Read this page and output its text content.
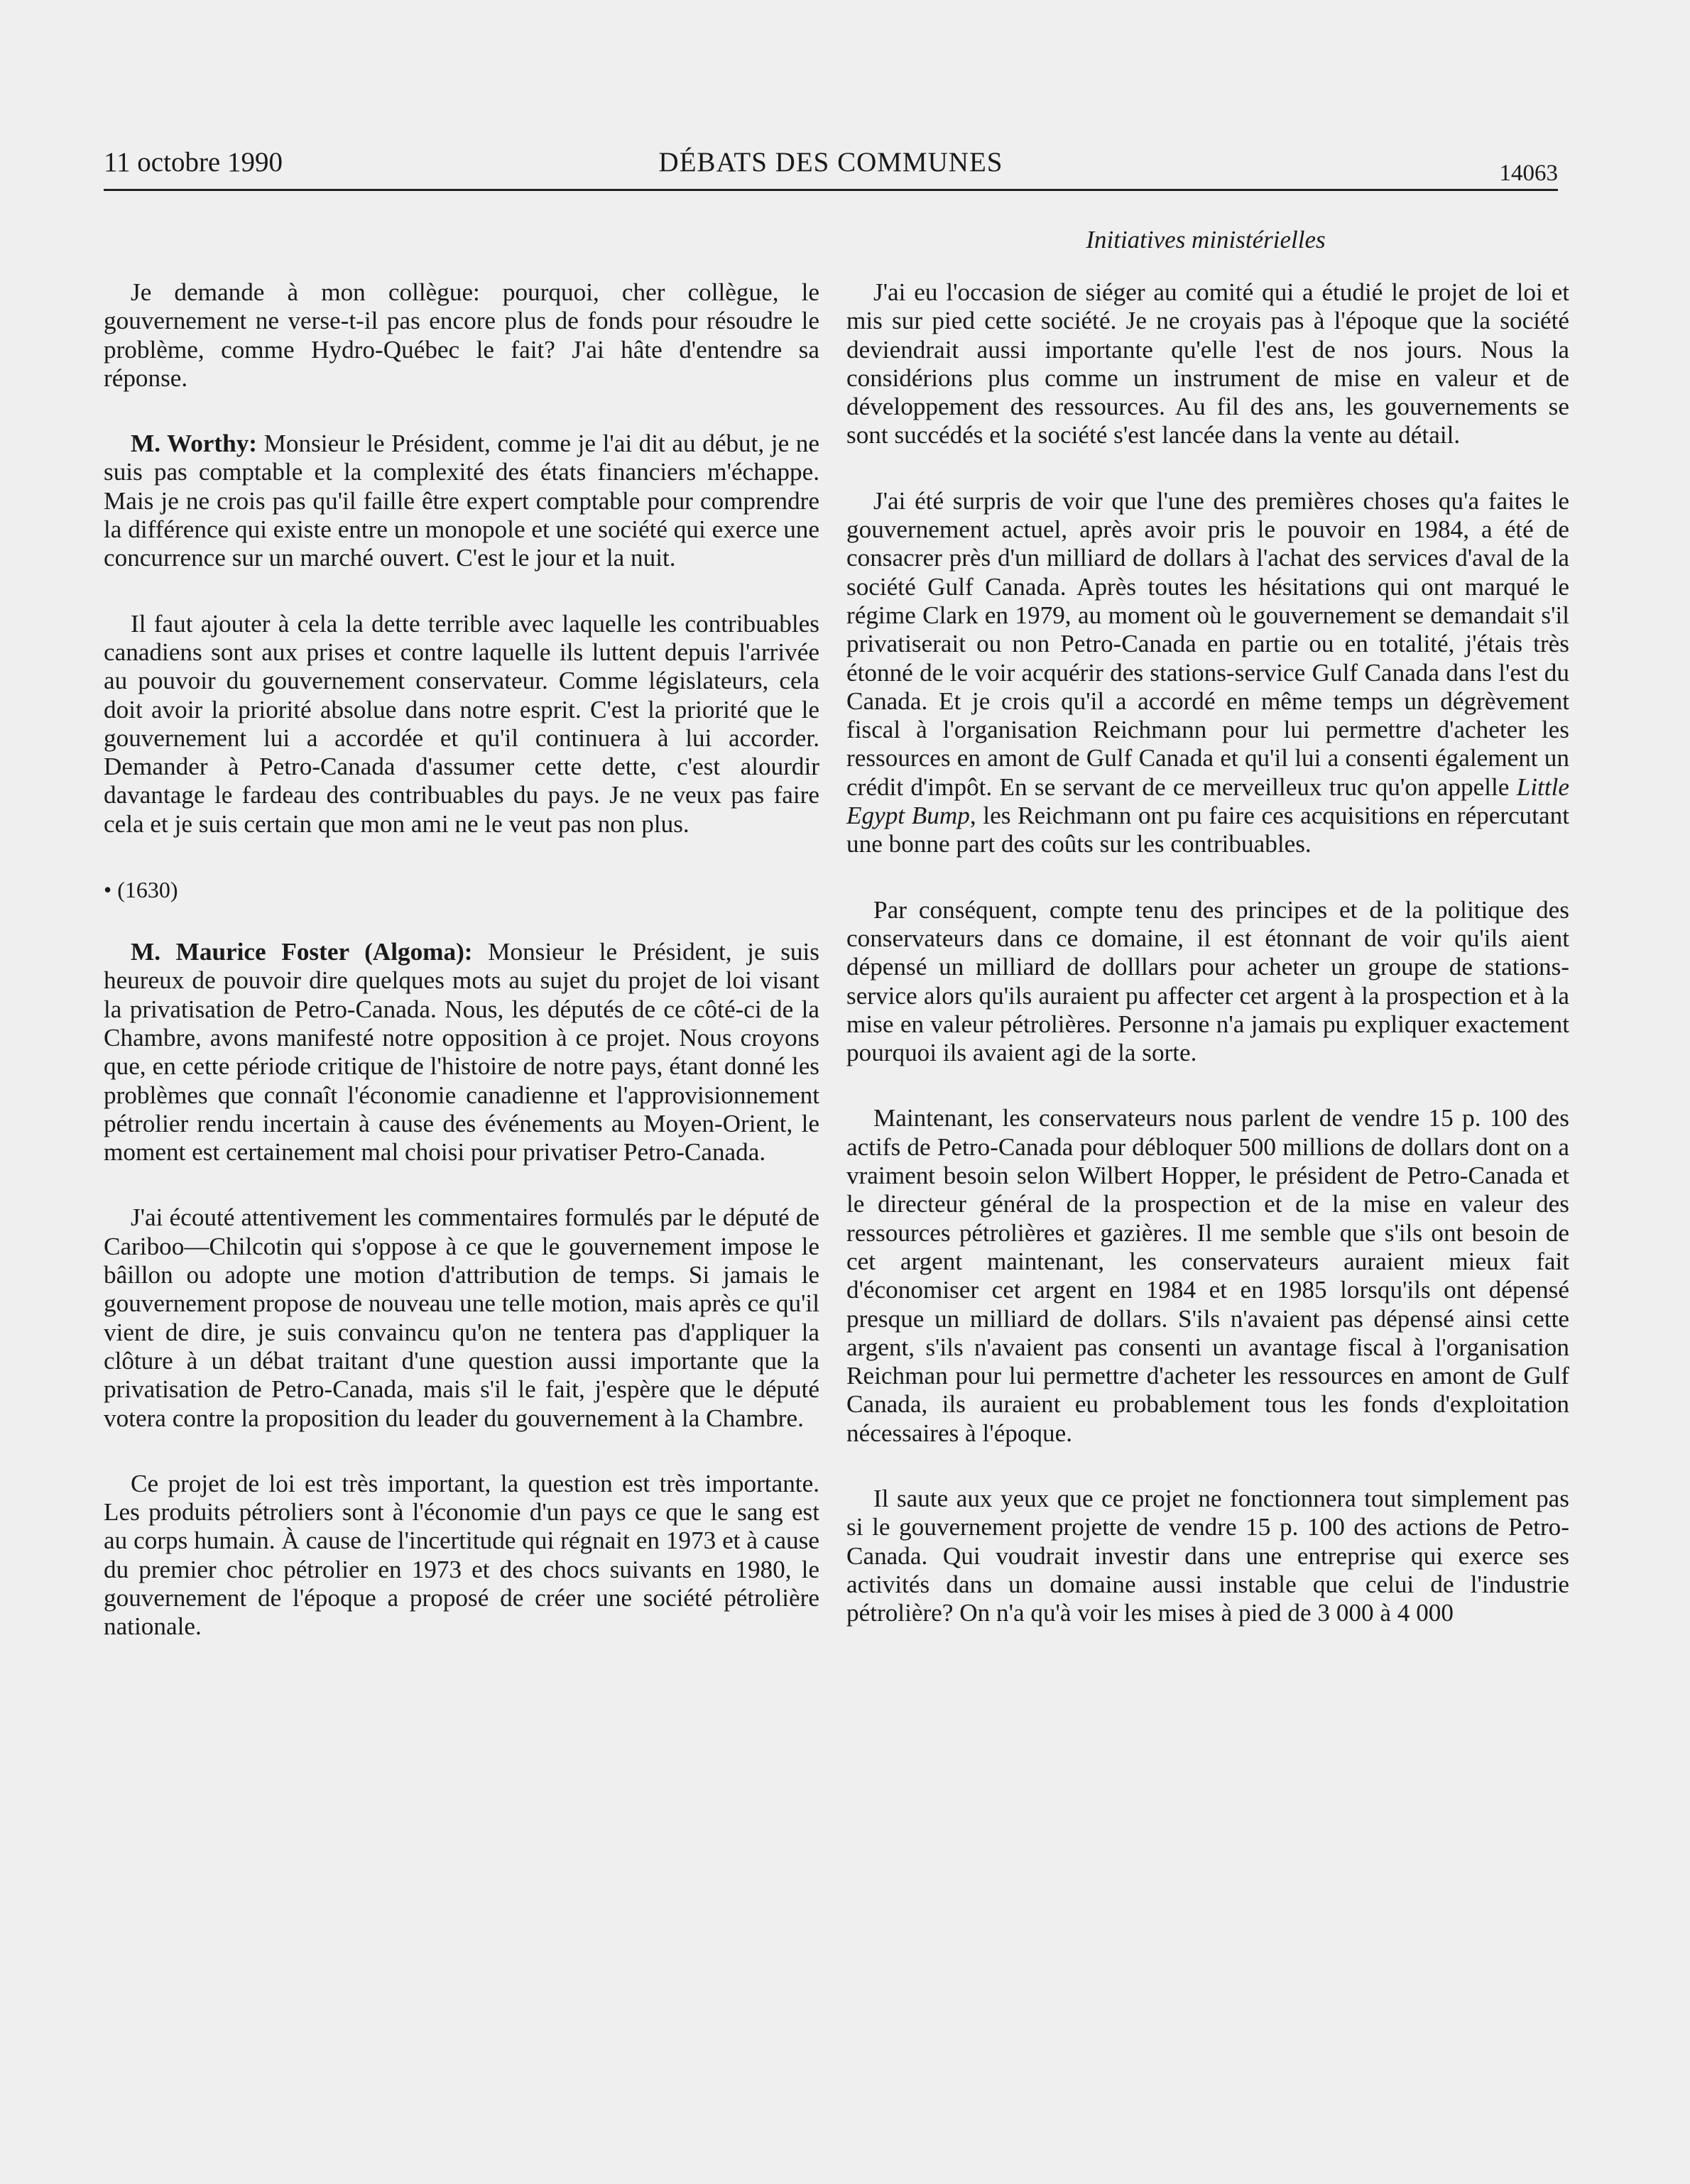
11 octobre 1990	DÉBATS DES COMMUNES	14063
Initiatives ministérielles

Je demande à mon collègue: pourquoi, cher collègue, le gouvernement ne verse-t-il pas encore plus de fonds pour résoudre le problème, comme Hydro-Québec le fait? J'ai hâte d'entendre sa réponse.

M. Worthy: Monsieur le Président, comme je l'ai dit au début, je ne suis pas comptable et la complexité des états financiers m'échappe. Mais je ne crois pas qu'il faille être expert comptable pour comprendre la différence qui existe entre un monopole et une société qui exerce une concurrence sur un marché ouvert. C'est le jour et la nuit.

Il faut ajouter à cela la dette terrible avec laquelle les contribuables canadiens sont aux prises et contre laquelle ils luttent depuis l'arrivée au pouvoir du gouvernement conservateur. Comme législateurs, cela doit avoir la priorité absolue dans notre esprit. C'est la priorité que le gouvernement lui a accordée et qu'il continuera à lui accorder. Demander à Petro-Canada d'assumer cette dette, c'est alourdir davantage le fardeau des contribuables du pays. Je ne veux pas faire cela et je suis certain que mon ami ne le veut pas non plus.

• (1630)

M. Maurice Foster (Algoma): Monsieur le Président, je suis heureux de pouvoir dire quelques mots au sujet du projet de loi visant la privatisation de Petro-Canada. Nous, les députés de ce côté-ci de la Chambre, avons manifesté notre opposition à ce projet. Nous croyons que, en cette période critique de l'histoire de notre pays, étant donné les problèmes que connaît l'économie canadienne et l'approvisionnement pétrolier rendu incertain à cause des événements au Moyen-Orient, le moment est certainement mal choisi pour privatiser Petro-Canada.

J'ai écouté attentivement les commentaires formulés par le député de Cariboo—Chilcotin qui s'oppose à ce que le gouvernement impose le bâillon ou adopte une motion d'attribution de temps. Si jamais le gouvernement propose de nouveau une telle motion, mais après ce qu'il vient de dire, je suis convaincu qu'on ne tentera pas d'appliquer la clôture à un débat traitant d'une question aussi importante que la privatisation de Petro-Canada, mais s'il le fait, j'espère que le député votera contre la proposition du leader du gouvernement à la Chambre.

Ce projet de loi est très important, la question est très importante. Les produits pétroliers sont à l'économie d'un pays ce que le sang est au corps humain. À cause de l'incertitude qui régnait en 1973 et à cause du premier choc pétrolier en 1973 et des chocs suivants en 1980, le gouvernement de l'époque a proposé de créer une société pétrolière nationale.

J'ai eu l'occasion de siéger au comité qui a étudié le projet de loi et mis sur pied cette société. Je ne croyais pas à l'époque que la société deviendrait aussi importante qu'elle l'est de nos jours. Nous la considérions plus comme un instrument de mise en valeur et de développement des ressources. Au fil des ans, les gouvernements se sont succédés et la société s'est lancée dans la vente au détail.

J'ai été surpris de voir que l'une des premières choses qu'a faites le gouvernement actuel, après avoir pris le pouvoir en 1984, a été de consacrer près d'un milliard de dollars à l'achat des services d'aval de la société Gulf Canada. Après toutes les hésitations qui ont marqué le régime Clark en 1979, au moment où le gouvernement se demandait s'il privatiserait ou non Petro-Canada en partie ou en totalité, j'étais très étonné de le voir acquérir des stations-service Gulf Canada dans l'est du Canada. Et je crois qu'il a accordé en même temps un dégrèvement fiscal à l'organisation Reichmann pour lui permettre d'acheter les ressources en amont de Gulf Canada et qu'il lui a consenti également un crédit d'impôt. En se servant de ce merveilleux truc qu'on appelle Little Egypt Bump, les Reichmann ont pu faire ces acquisitions en répercutant une bonne part des coûts sur les contribuables.

Par conséquent, compte tenu des principes et de la politique des conservateurs dans ce domaine, il est étonnant de voir qu'ils aient dépensé un milliard de dolllars pour acheter un groupe de stations-service alors qu'ils auraient pu affecter cet argent à la prospection et à la mise en valeur pétrolières. Personne n'a jamais pu expliquer exactement pourquoi ils avaient agi de la sorte.

Maintenant, les conservateurs nous parlent de vendre 15 p. 100 des actifs de Petro-Canada pour débloquer 500 millions de dollars dont on a vraiment besoin selon Wilbert Hopper, le président de Petro-Canada et le directeur général de la prospection et de la mise en valeur des ressources pétrolières et gazières. Il me semble que s'ils ont besoin de cet argent maintenant, les conservateurs auraient mieux fait d'économiser cet argent en 1984 et en 1985 lorsqu'ils ont dépensé presque un milliard de dollars. S'ils n'avaient pas dépensé ainsi cette argent, s'ils n'avaient pas consenti un avantage fiscal à l'organisation Reichman pour lui permettre d'acheter les ressources en amont de Gulf Canada, ils auraient eu probablement tous les fonds d'exploitation nécessaires à l'époque.

Il saute aux yeux que ce projet ne fonctionnera tout simplement pas si le gouvernement projette de vendre 15 p. 100 des actions de Petro-Canada. Qui voudrait investir dans une entreprise qui exerce ses activités dans un domaine aussi instable que celui de l'industrie pétrolière? On n'a qu'à voir les mises à pied de 3 000 à 4 000
